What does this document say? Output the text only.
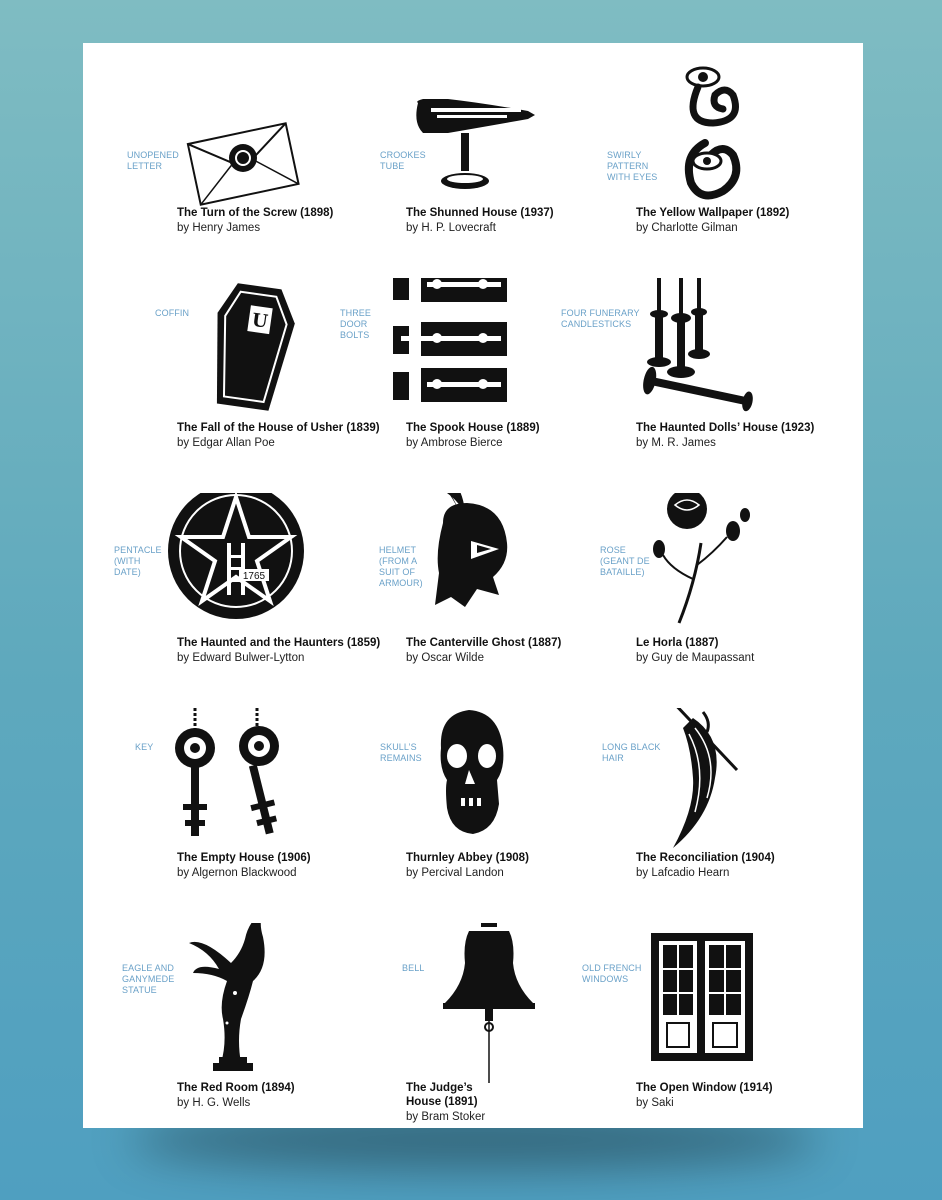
UNOPENED LETTER
The Turn of the Screw (1898)
by Henry James
CROOKES TUBE
The Shunned House (1937)
by H. P. Lovecraft
SWIRLY PATTERN WITH EYES
The Yellow Wallpaper (1892)
by Charlotte Gilman
COFFIN	U
The Fall of the House of Usher (1839)
by Edgar Allan Poe
THREE DOOR BOLTS
The Spook House (1889)
by Ambrose Bierce
FOUR FUNERARY CANDLESTICKS
The Haunted Dolls’ House (1923)
by M. R. James
PENTACLE (WITH DATE)	1765
The Haunted and the Haunters (1859)
by Edward Bulwer-Lytton
HELMET (FROM A SUIT OF ARMOUR)
The Canterville Ghost (1887)
by Oscar Wilde
ROSE (GEANT DE BATAILLE)
Le Horla (1887)
by Guy de Maupassant
KEY
The Empty House (1906)
by Algernon Blackwood
SKULL’S REMAINS
Thurnley Abbey (1908)
by Percival Landon
LONG BLACK HAIR
The Reconciliation (1904)
by Lafcadio Hearn
EAGLE AND GANYMEDE STATUE
The Red Room (1894)
by H. G. Wells
BELL
The Judge’s House (1891)
by Bram Stoker
OLD FRENCH WINDOWS
The Open Window (1914)
by Saki
